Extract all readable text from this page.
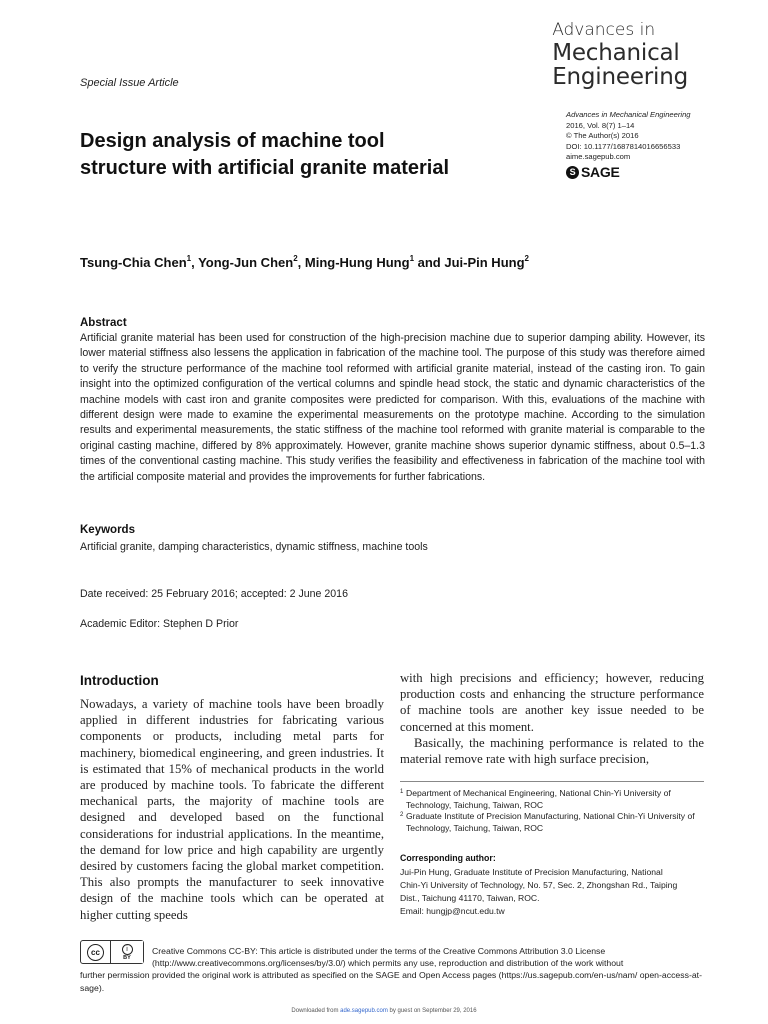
Advances in
Mechanical
Engineering
Special Issue Article
Advances in Mechanical Engineering
2016, Vol. 8(7) 1–14
© The Author(s) 2016
DOI: 10.1177/1687814016656533
aime.sagepub.com
S SAGE
Design analysis of machine tool structure with artificial granite material
Tsung-Chia Chen$^1$, Yong-Jun Chen$^2$, Ming-Hung Hung$^1$ and Jui-Pin Hung$^2$
Abstract

Artificial granite material has been used for construction of the high-precision machine due to superior damping ability. However, its lower material stiffness also lessens the application in fabrication of the machine tool. The purpose of this study was therefore aimed to verify the structure performance of the machine tool reformed with artificial granite material, instead of the casting iron. To gain insight into the optimized configuration of the vertical columns and spindle head stock, the static and dynamic characteristics of the machine models with cast iron and granite composites were predicted for comparison. With this, evaluations of the machine with different design were made to examine the experimental measurements on the prototype machine. According to the simulation results and experimental measurements, the static stiffness of the machine tool reformed with granite material is comparable to the original casting machine, differed by 8% approximately. However, granite machine shows superior dynamic stiffness, about 0.5–1.3 times of the conventional casting machine. This study verifies the feasibility and effectiveness in fabrication of the machine tool with the artificial composite material and provides the improvements for further fabrications.

Keywords
Artificial granite, damping characteristics, dynamic stiffness, machine tools
Date received: 25 February 2016; accepted: 2 June 2016
Academic Editor: Stephen D Prior
Introduction

Nowadays, a variety of machine tools have been broadly applied in different industries for fabricating various components or products, including metal parts for machinery, biomedical engineering, and green industries. It is estimated that 15% of mechanical products in the world are produced by machine tools. To fabricate the different mechanical parts, the majority of machine tools are designed and developed based on the functional considerations for industrial applications. In the meantime, the demand for low price and high capability are urgently desired by customers facing the global market competition. This also prompts the manufacturer to seek innovative design of the machine tools which can be operated at higher cutting speeds

with high precisions and efficiency; however, reducing production costs and enhancing the structure performance of machine tools are another key issue needed to be concerned at this moment.

Basically, the machining performance is related to the material remove rate with high surface precision,

1 Department of Mechanical Engineering, National Chin-Yi University of Technology, Taichung, Taiwan, ROC
2 Graduate Institute of Precision Manufacturing, National Chin-Yi University of Technology, Taichung, Taiwan, ROC
Corresponding author:
Jui-Pin Hung, Graduate Institute of Precision Manufacturing, National
Chin-Yi University of Technology, No. 57, Sec. 2, Zhongshan Rd., Taiping
Dist., Taichung 41170, Taiwan, ROC.
Email: hungjp@ncut.edu.tw
Creative Commons CC-BY: This article is distributed under the terms of the Creative Commons Attribution 3.0 License
(http://www.creativecommons.org/licenses/by/3.0/) which permits any use, reproduction and distribution of the work without
further permission provided the original work is attributed as specified on the SAGE and Open Access pages (https://us.sagepub.com/en-us/nam/ open-access-at-sage).
cc	i
BY
Downloaded from ade.sagepub.com by guest on September 29, 2016
